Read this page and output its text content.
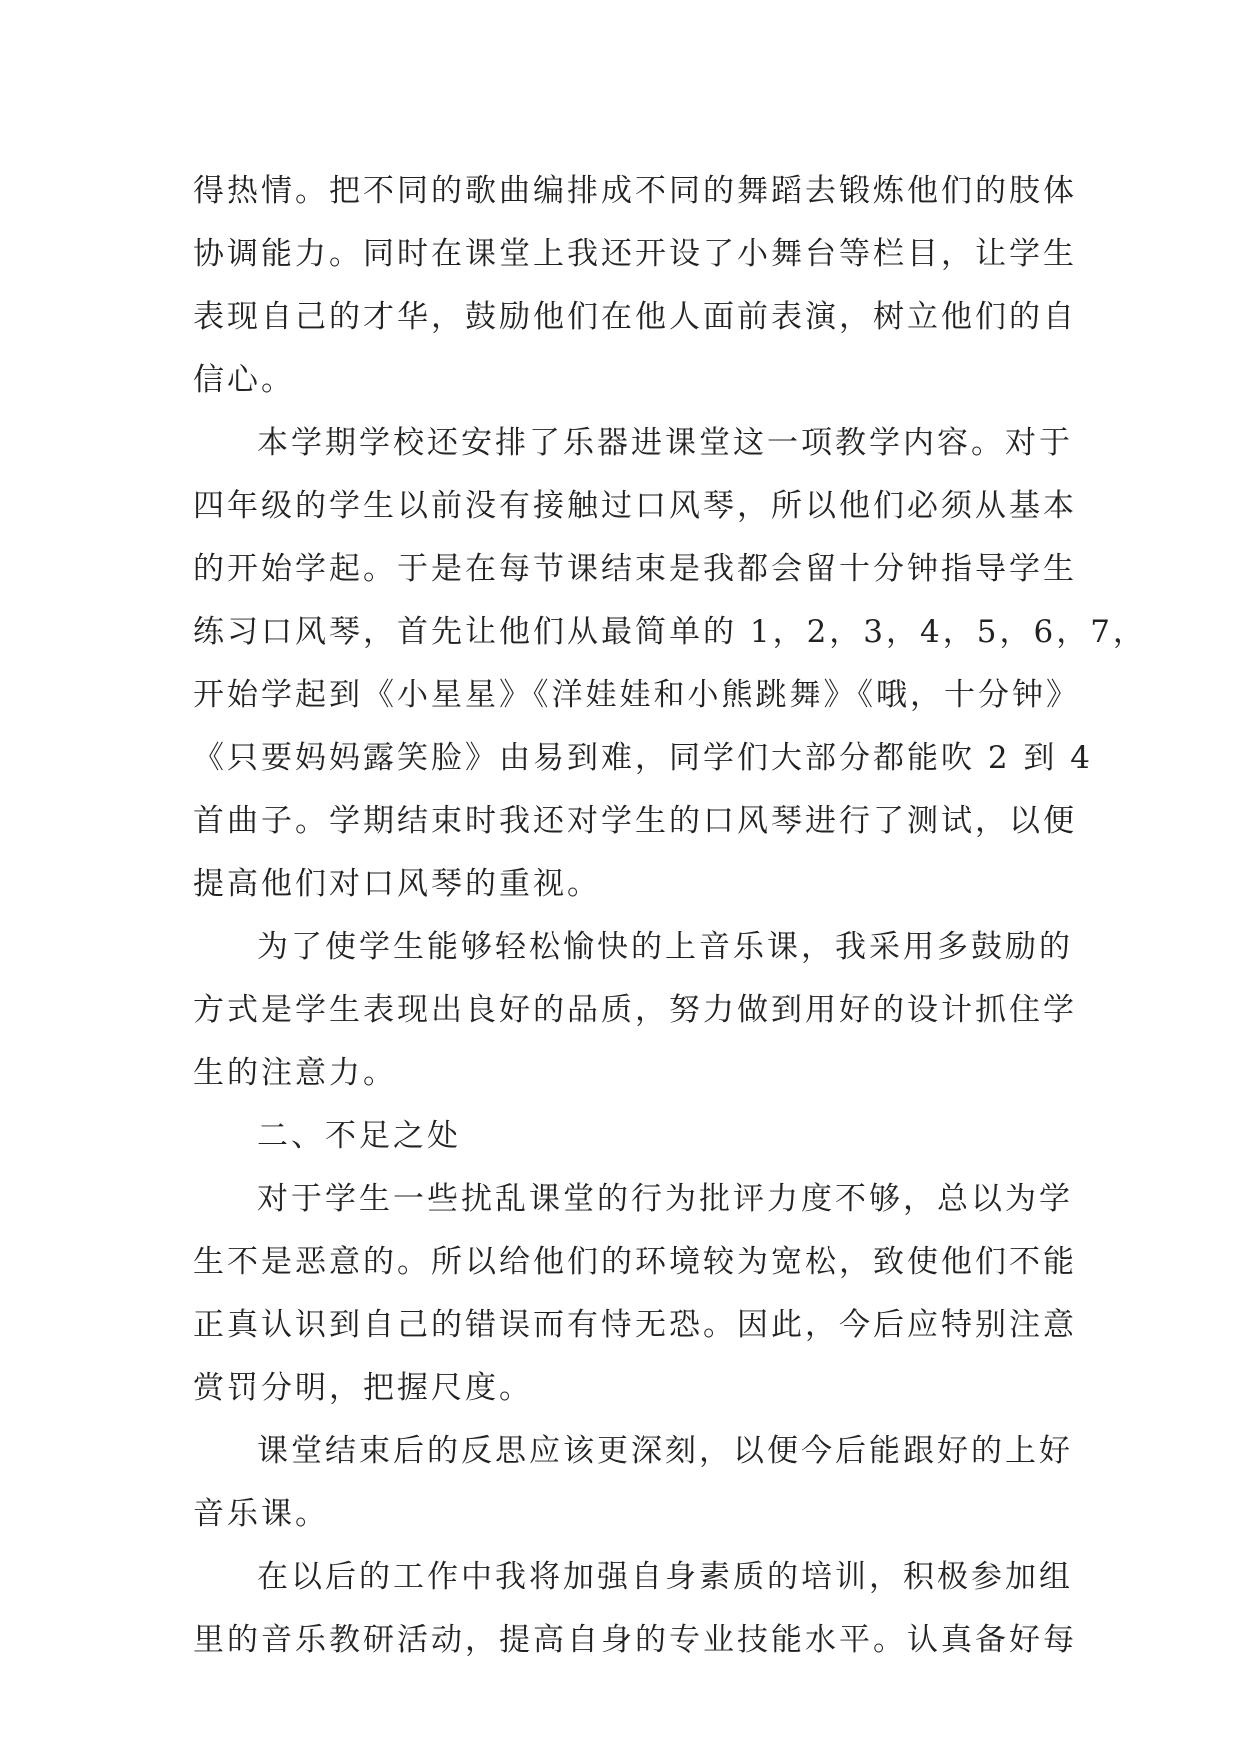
得热情。把不同的歌曲编排成不同的舞蹈去锻炼他们的肢体
协调能力。同时在课堂上我还开设了小舞台等栏目，让学生
表现自己的才华，鼓励他们在他人面前表演，树立他们的自
信心。
本学期学校还安排了乐器进课堂这一项教学内容。对于
四年级的学生以前没有接触过口风琴，所以他们必须从基本
的开始学起。于是在每节课结束是我都会留十分钟指导学生
练习口风琴，首先让他们从最简单的 1，2，3，4，5，6，7，
开始学起到《小星星》《洋娃娃和小熊跳舞》《哦，十分钟》
《只要妈妈露笑脸》由易到难，同学们大部分都能吹 2 到 4
首曲子。学期结束时我还对学生的口风琴进行了测试，以便
提高他们对口风琴的重视。
为了使学生能够轻松愉快的上音乐课，我采用多鼓励的
方式是学生表现出良好的品质，努力做到用好的设计抓住学
生的注意力。
二、不足之处
对于学生一些扰乱课堂的行为批评力度不够，总以为学
生不是恶意的。所以给他们的环境较为宽松，致使他们不能
正真认识到自己的错误而有恃无恐。因此，今后应特别注意
赏罚分明，把握尺度。
课堂结束后的反思应该更深刻，以便今后能跟好的上好
音乐课。
在以后的工作中我将加强自身素质的培训，积极参加组
里的音乐教研活动，提高自身的专业技能水平。认真备好每
